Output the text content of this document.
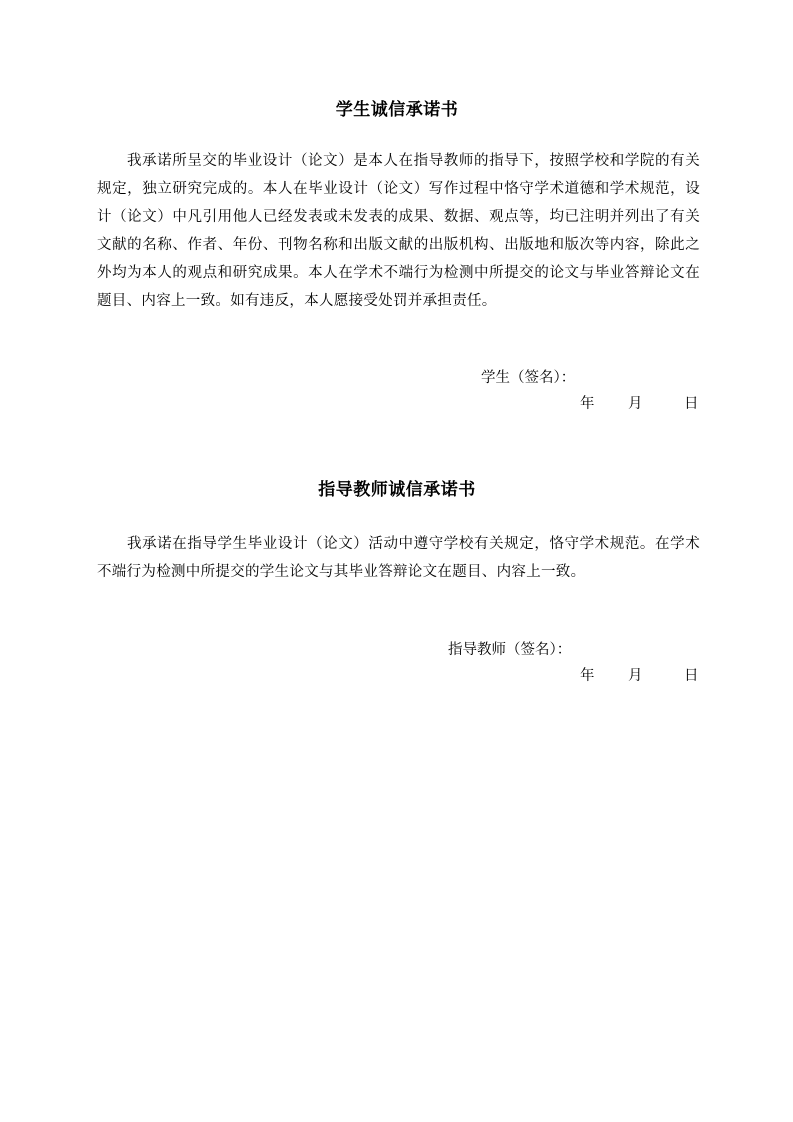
学生诚信承诺书
我承诺所呈交的毕业设计（论文）是本人在指导教师的指导下，按照学校和学院的有关规定，独立研究完成的。本人在毕业设计（论文）写作过程中恪守学术道德和学术规范，设计（论文）中凡引用他人已经发表或未发表的成果、数据、观点等，均已注明并列出了有关文献的名称、作者、年份、刊物名称和出版文献的出版机构、出版地和版次等内容，除此之外均为本人的观点和研究成果。本人在学术不端行为检测中所提交的论文与毕业答辩论文在题目、内容上一致。如有违反，本人愿接受处罚并承担责任。
学生（签名）：
年 月	日
指导教师诚信承诺书
我承诺在指导学生毕业设计（论文）活动中遵守学校有关规定，恪守学术规范。在学术不端行为检测中所提交的学生论文与其毕业答辩论文在题目、内容上一致。
指导教师（签名）：
年 月	日
